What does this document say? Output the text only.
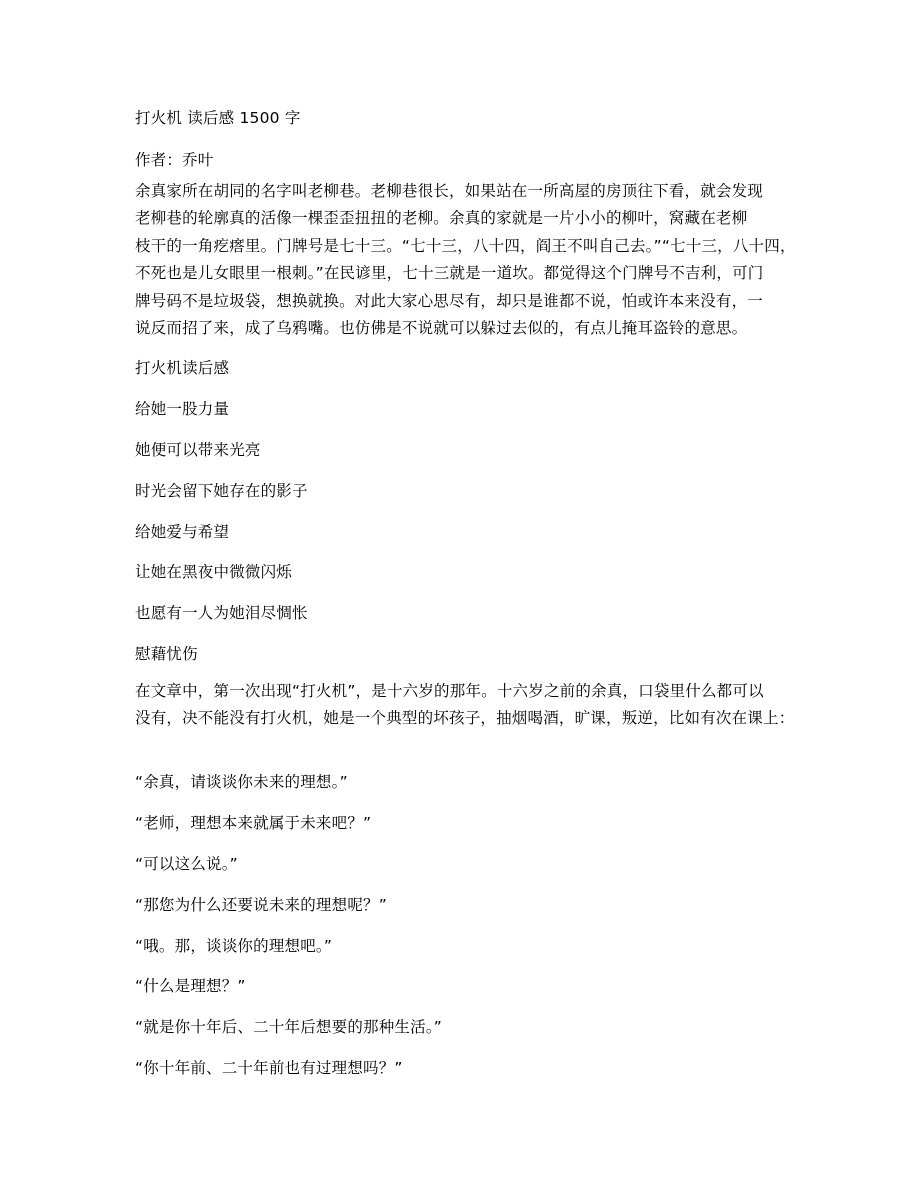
打火机 读后感 1500 字
作者：乔叶
余真家所在胡同的名字叫老柳巷。老柳巷很长，如果站在一所高屋的房顶往下看，就会发现
老柳巷的轮廓真的活像一棵歪歪扭扭的老柳。余真的家就是一片小小的柳叶，窝藏在老柳
枝干的一角疙瘩里。门牌号是七十三。“七十三，八十四，阎王不叫自己去。”“七十三，八十四，
不死也是儿女眼里一根刺。”在民谚里，七十三就是一道坎。都觉得这个门牌号不吉利，可门
牌号码不是垃圾袋，想换就换。对此大家心思尽有，却只是谁都不说，怕或许本来没有，一
说反而招了来，成了乌鸦嘴。也仿佛是不说就可以躲过去似的，有点儿掩耳盗铃的意思。
打火机读后感
给她一股力量
她便可以带来光亮
时光会留下她存在的影子
给她爱与希望
让她在黑夜中微微闪烁
也愿有一人为她泪尽惆怅
慰藉忧伤
在文章中，第一次出现“打火机”，是十六岁的那年。十六岁之前的余真，口袋里什么都可以
没有，决不能没有打火机，她是一个典型的坏孩子，抽烟喝酒，旷课，叛逆，比如有次在课上：
“余真，请谈谈你未来的理想。”
“老师，理想本来就属于未来吧？”
“可以这么说。”
“那您为什么还要说未来的理想呢？”
“哦。那，谈谈你的理想吧。”
“什么是理想？”
“就是你十年后、二十年后想要的那种生活。”
“你十年前、二十年前也有过理想吗？”
